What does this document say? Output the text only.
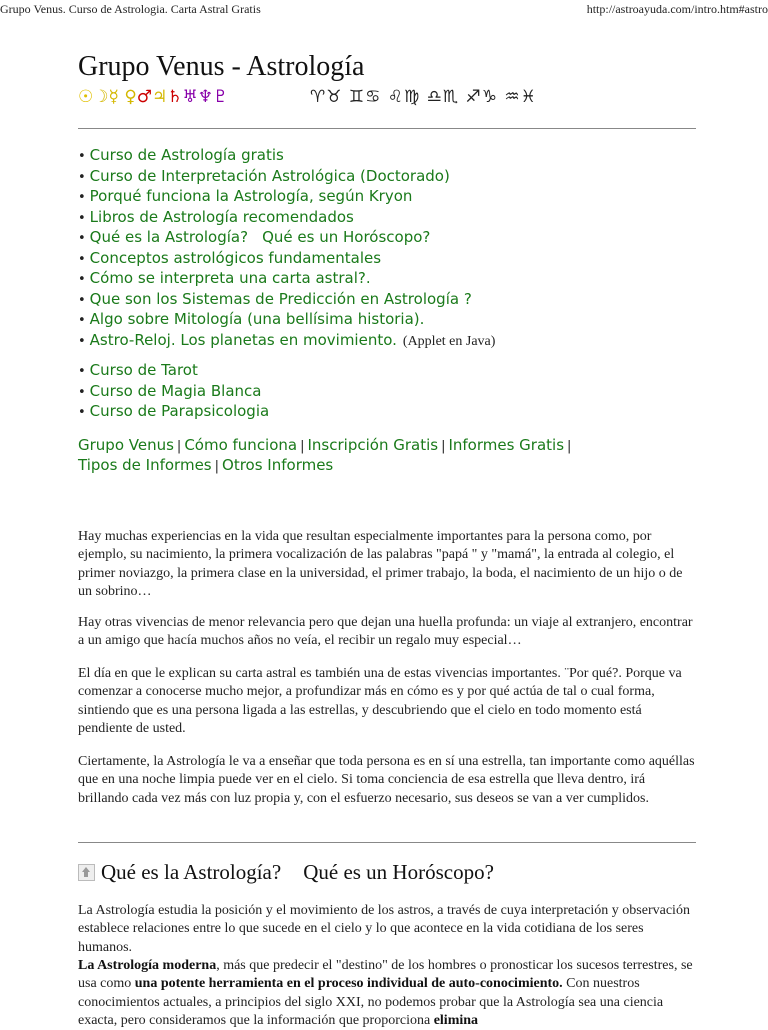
Grupo Venus. Curso de Astrologia. Carta Astral Gratis	http://astroayuda.com/intro.htm#astro
Grupo Venus - Astrología
☉☽☿ ♀♂♃♄♅♆♇	♈♉ ♊♋ ♌♍ ♎♏ ♐♑ ♒♓
• Curso de Astrología gratis
• Curso de Interpretación Astrológica (Doctorado)
• Porqué funciona la Astrología, según Kryon
• Libros de Astrología recomendados
• Qué es la Astrología? Qué es un Horóscopo?
• Conceptos astrológicos fundamentales
• Cómo se interpreta una carta astral?.
• Que son los Sistemas de Predicción en Astrología ?
• Algo sobre Mitología (una bellísima historia).
• Astro-Reloj. Los planetas en movimiento. (Applet en Java)
• Curso de Tarot
• Curso de Magia Blanca
• Curso de Parapsicologia
Grupo Venus | Cómo funciona | Inscripción Gratis | Informes Gratis |
Tipos de Informes | Otros Informes

Hay muchas experiencias en la vida que resultan especialmente importantes para la persona como, por ejemplo, su nacimiento, la primera vocalización de las palabras "papá " y "mamá", la entrada al colegio, el primer noviazgo, la primera clase en la universidad, el primer trabajo, la boda, el nacimiento de un hijo o de un sobrino…

Hay otras vivencias de menor relevancia pero que dejan una huella profunda: un viaje al extranjero, encontrar a un amigo que hacía muchos años no veía, el recibir un regalo muy especial…

El día en que le explican su carta astral es también una de estas vivencias importantes. ¨Por qué?. Porque va comenzar a conocerse mucho mejor, a profundizar más en cómo es y por qué actúa de tal o cual forma, sintiendo que es una persona ligada a las estrellas, y descubriendo que el cielo en todo momento está pendiente de usted.

Ciertamente, la Astrología le va a enseñar que toda persona es en sí una estrella, tan importante como aquéllas que en una noche limpia puede ver en el cielo. Si toma conciencia de esa estrella que lleva dentro, irá brillando cada vez más con luz propia y, con el esfuerzo necesario, sus deseos se van a ver cumplidos.

Qué es la Astrología? Qué es un Horóscopo?

La Astrología estudia la posición y el movimiento de los astros, a través de cuya interpretación y observación establece relaciones entre lo que sucede en el cielo y lo que acontece en la vida cotidiana de los seres humanos.

La Astrología moderna, más que predecir el "destino" de los hombres o pronosticar los sucesos terrestres, se usa como una potente herramienta en el proceso individual de auto-conocimiento. Con nuestros conocimientos actuales, a principios del siglo XXI, no podemos probar que la Astrología sea una ciencia exacta, pero consideramos que la información que proporciona elimina
